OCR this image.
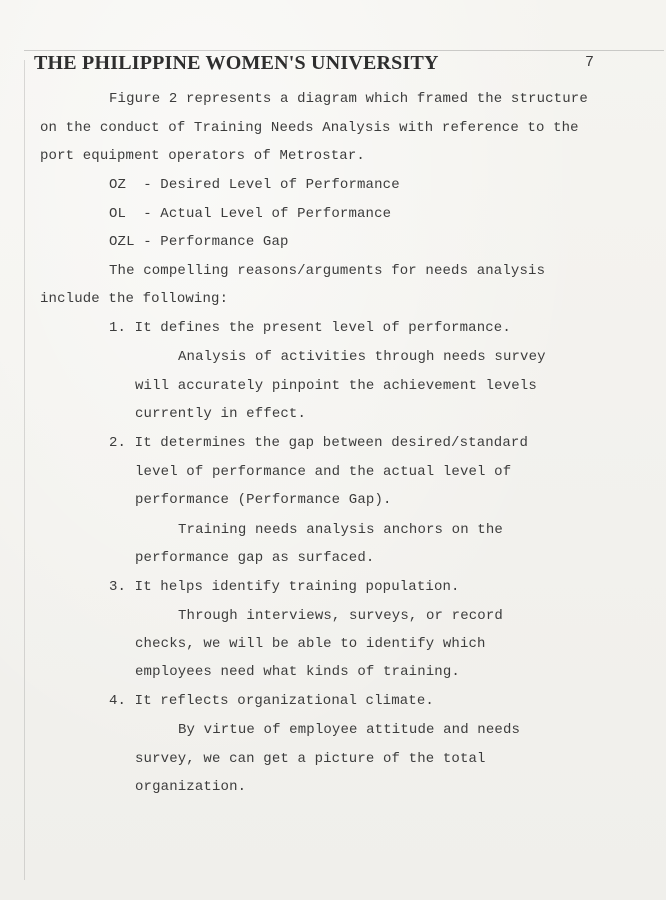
THE PHILIPPINE WOMEN'S UNIVERSITY	7
Figure 2 represents a diagram which framed the structure
on the conduct of Training Needs Analysis with reference to the
port equipment operators of Metrostar.
OZ  - Desired Level of Performance
OL  - Actual Level of Performance
OZL - Performance Gap
The compelling reasons/arguments for needs analysis
include the following:
1. It defines the present level of performance.
Analysis of activities through needs survey
will accurately pinpoint the achievement levels
currently in effect.
2. It determines the gap between desired/standard
level of performance and the actual level of
performance (Performance Gap).
Training needs analysis anchors on the
performance gap as surfaced.
3. It helps identify training population.
Through interviews, surveys, or record
checks, we will be able to identify which
employees need what kinds of training.
4. It reflects organizational climate.
By virtue of employee attitude and needs
survey, we can get a picture of the total
organization.
